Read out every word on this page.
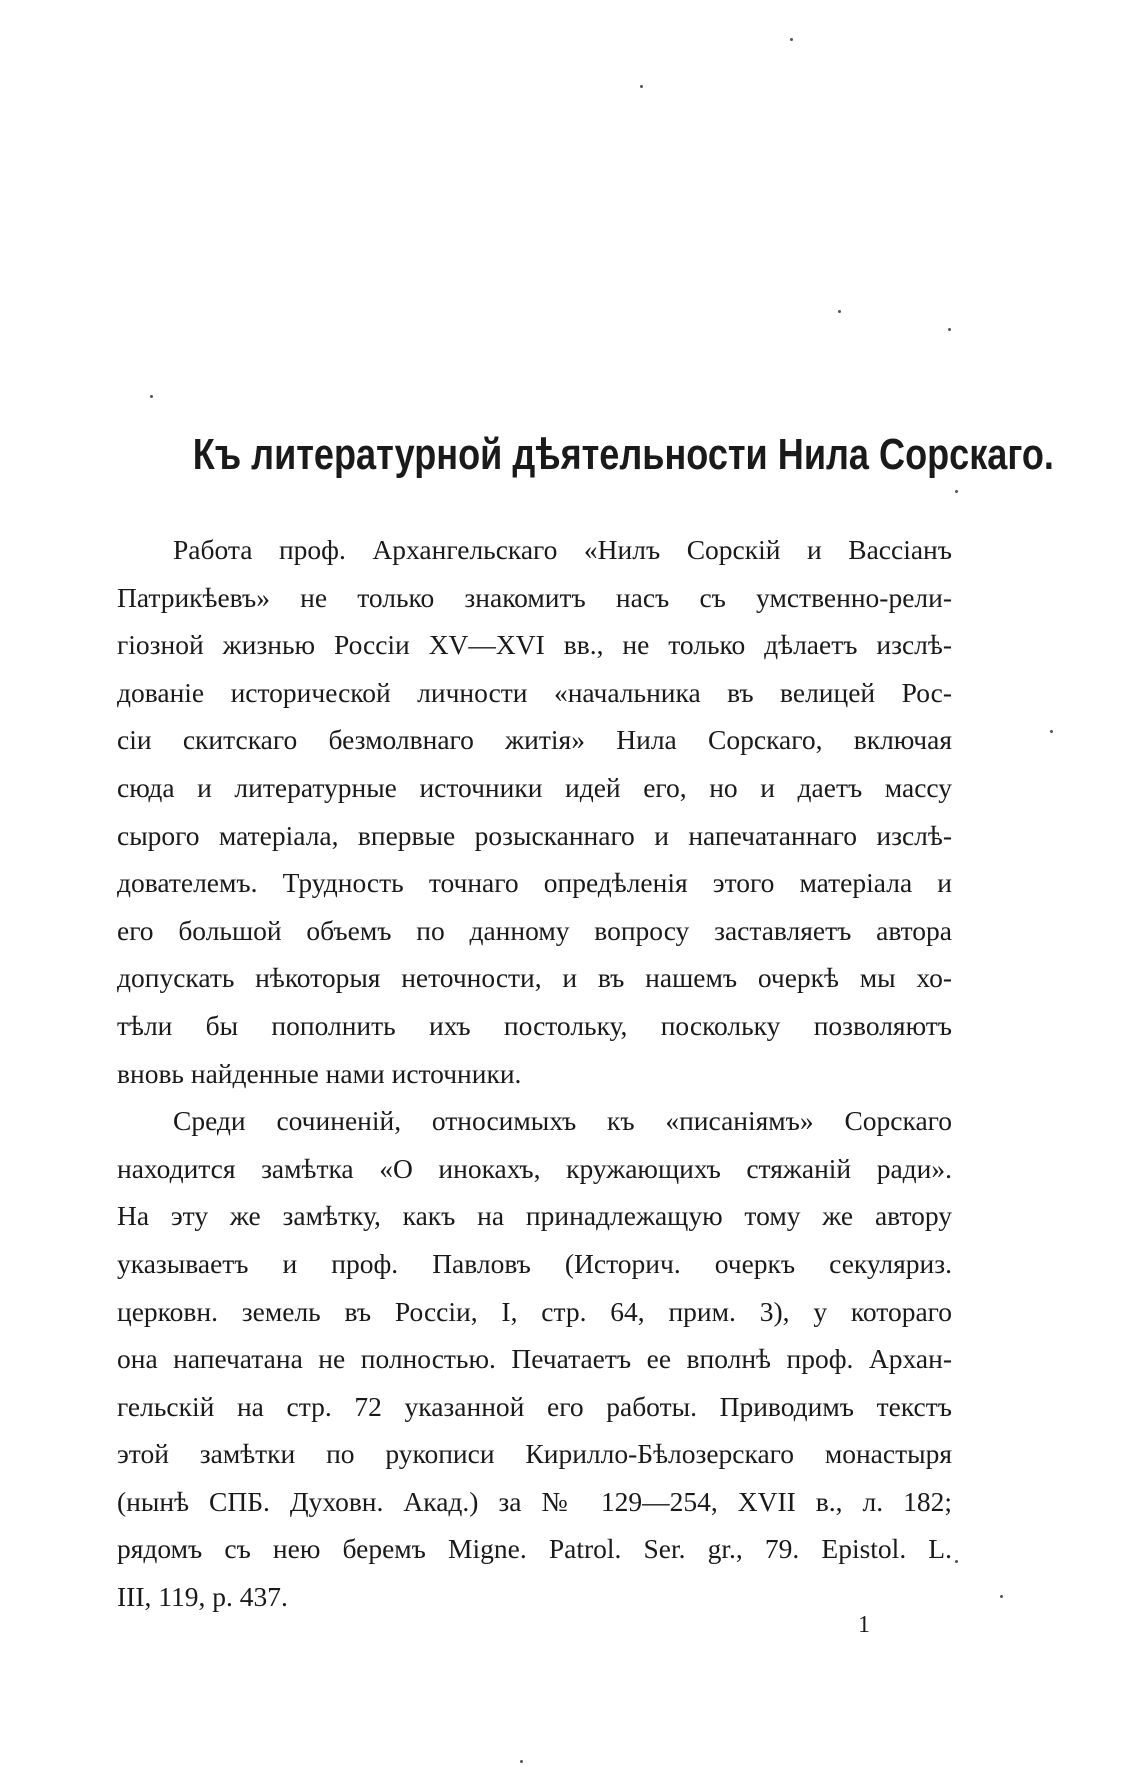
Къ литературной дѣятельности Нила Сорскаго.
Работа проф. Архангельскаго «Нилъ Сорскій и Вассіанъ
Патрикѣевъ» не только знакомитъ насъ съ умственно-рели-
гіозной жизнью Россіи XV—XVI вв., не только дѣлаетъ изслѣ-
дованіе исторической личности «начальника въ велицей Рос-
сіи скитскаго безмолвнаго житія» Нила Сорскаго, включая
сюда и литературные источники идей его, но и даетъ массу
сырого матеріала, впервые розысканнаго и напечатаннаго изслѣ-
дователемъ. Трудность точнаго опредѣленія этого матеріала и
его большой объемъ по данному вопросу заставляетъ автора
допускать нѣкоторыя неточности, и въ нашемъ очеркѣ мы хо-
тѣли бы пополнить ихъ постольку, поскольку позволяютъ
вновь найденные нами источники.
Среди сочиненій, относимыхъ къ «писаніямъ» Сорскаго
находится замѣтка «О инокахъ, кружающихъ стяжаній ради».
На эту же замѣтку, какъ на принадлежащую тому же автору
указываетъ и проф. Павловъ (Историч. очеркъ секуляриз.
церковн. земель въ Россіи, I, стр. 64, прим. 3), у котораго
она напечатана не полностью. Печатаетъ ее вполнѣ проф. Архан-
гельскій на стр. 72 указанной его работы. Приводимъ текстъ
этой замѣтки по рукописи Кирилло-Бѣлозерскаго монастыря
(нынѣ СПБ. Духовн. Акад.) за № 129—254, XVII в., л. 182;
рядомъ съ нею беремъ Migne. Patrol. Ser. gr., 79. Epistol. L.
III, 119, p. 437.
1
